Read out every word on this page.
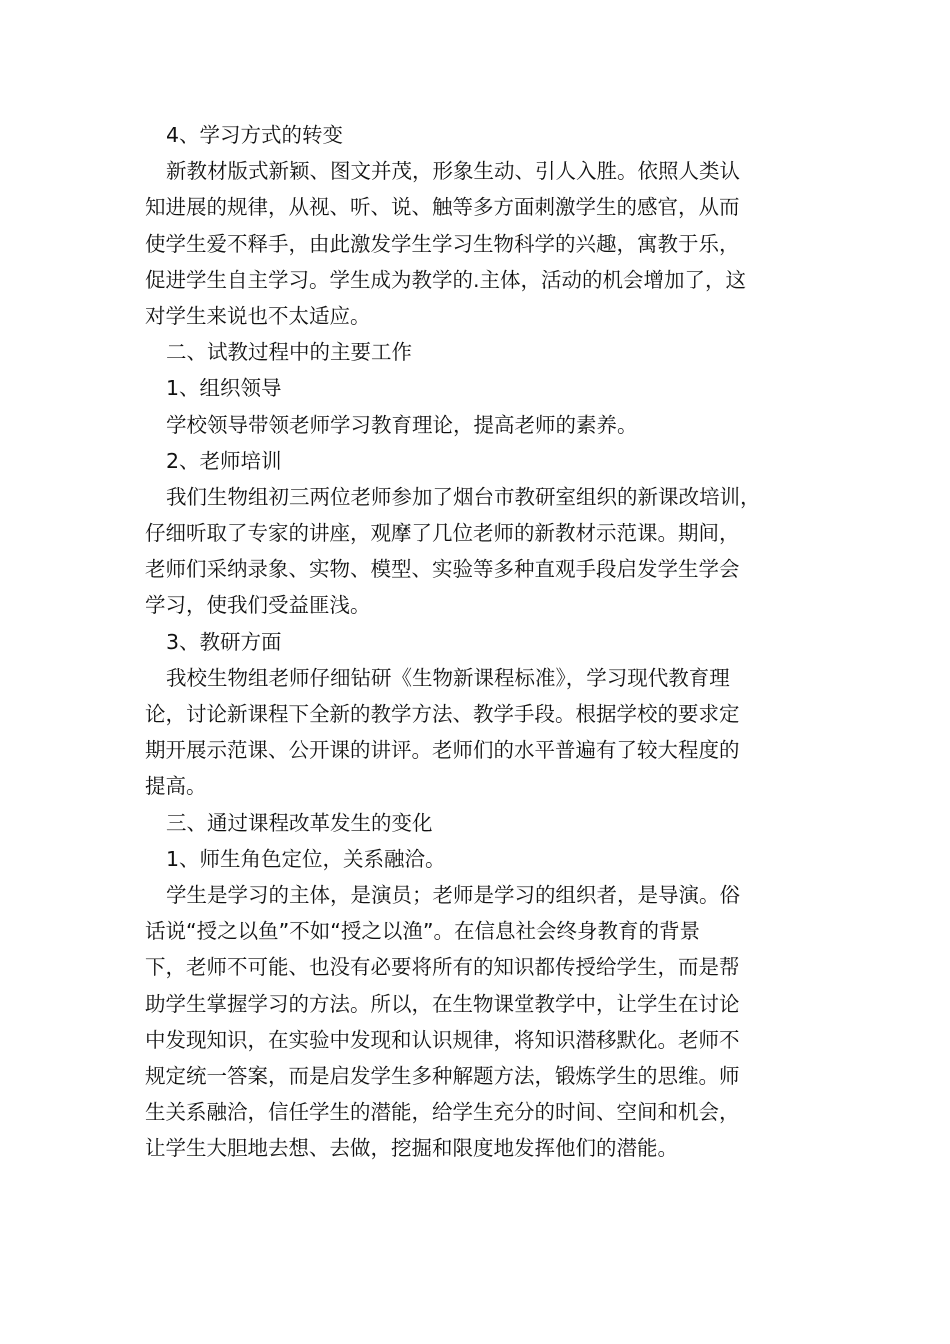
4、学习方式的转变
新教材版式新颖、图文并茂，形象生动、引人入胜。依照人类认
知进展的规律，从视、听、说、触等多方面刺激学生的感官，从而
使学生爱不释手，由此激发学生学习生物科学的兴趣，寓教于乐，
促进学生自主学习。学生成为教学的.主体，活动的机会增加了，这
对学生来说也不太适应。
二、试教过程中的主要工作
1、组织领导
学校领导带领老师学习教育理论，提高老师的素养。
2、老师培训
我们生物组初三两位老师参加了烟台市教研室组织的新课改培训，
仔细听取了专家的讲座，观摩了几位老师的新教材示范课。期间，
老师们采纳录象、实物、模型、实验等多种直观手段启发学生学会
学习，使我们受益匪浅。
3、教研方面
我校生物组老师仔细钻研《生物新课程标准》，学习现代教育理
论，讨论新课程下全新的教学方法、教学手段。根据学校的要求定
期开展示范课、公开课的讲评。老师们的水平普遍有了较大程度的
提高。
三、通过课程改革发生的变化
1、师生角色定位，关系融洽。
学生是学习的主体，是演员；老师是学习的组织者，是导演。俗
话说“授之以鱼”不如“授之以渔”。在信息社会终身教育的背景
下，老师不可能、也没有必要将所有的知识都传授给学生，而是帮
助学生掌握学习的方法。所以，在生物课堂教学中，让学生在讨论
中发现知识，在实验中发现和认识规律，将知识潜移默化。老师不
规定统一答案，而是启发学生多种解题方法，锻炼学生的思维。师
生关系融洽，信任学生的潜能，给学生充分的时间、空间和机会，
让学生大胆地去想、去做，挖掘和限度地发挥他们的潜能。
